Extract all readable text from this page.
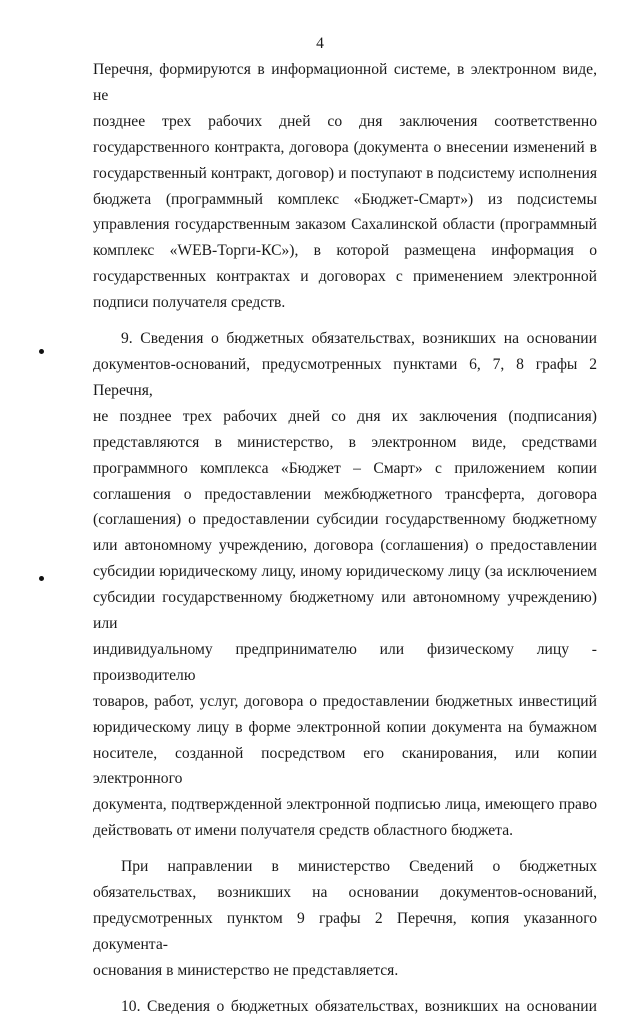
4

Перечня, формируются в информационной системе, в электронном виде, не

позднее трех рабочих дней со дня заключения соответственно

государственного контракта, договора (документа о внесении изменений в

государственный контракт, договор) и поступают в подсистему исполнения

бюджета (программный комплекс «Бюджет-Смарт») из подсистемы

управления государственным заказом Сахалинской области (программный

комплекс «WEB-Торги-КС»), в которой размещена информация о

государственных контрактах и договорах с применением электронной

подписи получателя средств.

9. Сведения о бюджетных обязательствах, возникших на основании

документов-оснований, предусмотренных пунктами 6, 7, 8 графы 2 Перечня,

не позднее трех рабочих дней со дня их заключения (подписания)

представляются в министерство, в электронном виде, средствами

программного комплекса «Бюджет – Смарт» с приложением копии

соглашения о предоставлении межбюджетного трансферта, договора

(соглашения) о предоставлении субсидии государственному бюджетному

или автономному учреждению, договора (соглашения) о предоставлении

субсидии юридическому лицу, иному юридическому лицу (за исключением

субсидии государственному бюджетному или автономному учреждению) или

индивидуальному предпринимателю или физическому лицу - производителю

товаров, работ, услуг, договора о предоставлении бюджетных инвестиций

юридическому лицу в форме электронной копии документа на бумажном

носителе, созданной посредством его сканирования, или копии электронного

документа, подтвержденной электронной подписью лица, имеющего право

действовать от имени получателя средств областного бюджета.

При направлении в министерство Сведений о бюджетных

обязательствах, возникших на основании документов-оснований,

предусмотренных пунктом 9 графы 2 Перечня, копия указанного документа-

основания в министерство не представляется.

10. Сведения о бюджетных обязательствах, возникших на основании
